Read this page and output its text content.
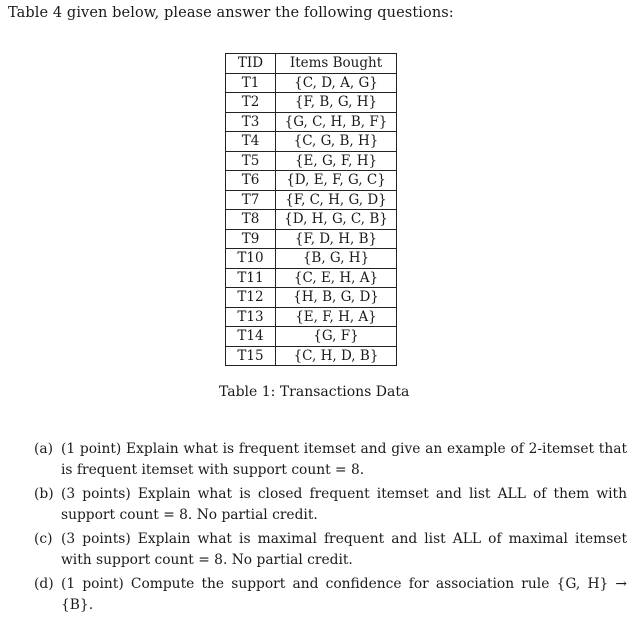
Table 4 given below, please answer the following questions:
TID	Items Bought
T1	{C, D, A, G}
T2	{F, B, G, H}
T3	{G, C, H, B, F}
T4	{C, G, B, H}
T5	{E, G, F, H}
T6	{D, E, F, G, C}
T7	{F, C, H, G, D}
T8	{D, H, G, C, B}
T9	{F, D, H, B}
T10	{B, G, H}
T11	{C, E, H, A}
T12	{H, B, G, D}
T13	{E, F, H, A}
T14	{G, F}
T15	{C, H, D, B}
Table 1: Transactions Data
(a) (1 point) Explain what is frequent itemset and give an example of 2-itemset that is frequent itemset with support count = 8.
(b) (3 points) Explain what is closed frequent itemset and list ALL of them with support count = 8. No partial credit.
(c) (3 points) Explain what is maximal frequent and list ALL of maximal itemset with support count = 8. No partial credit.
(d) (1 point) Compute the support and confidence for association rule {G, H} → {B}.
